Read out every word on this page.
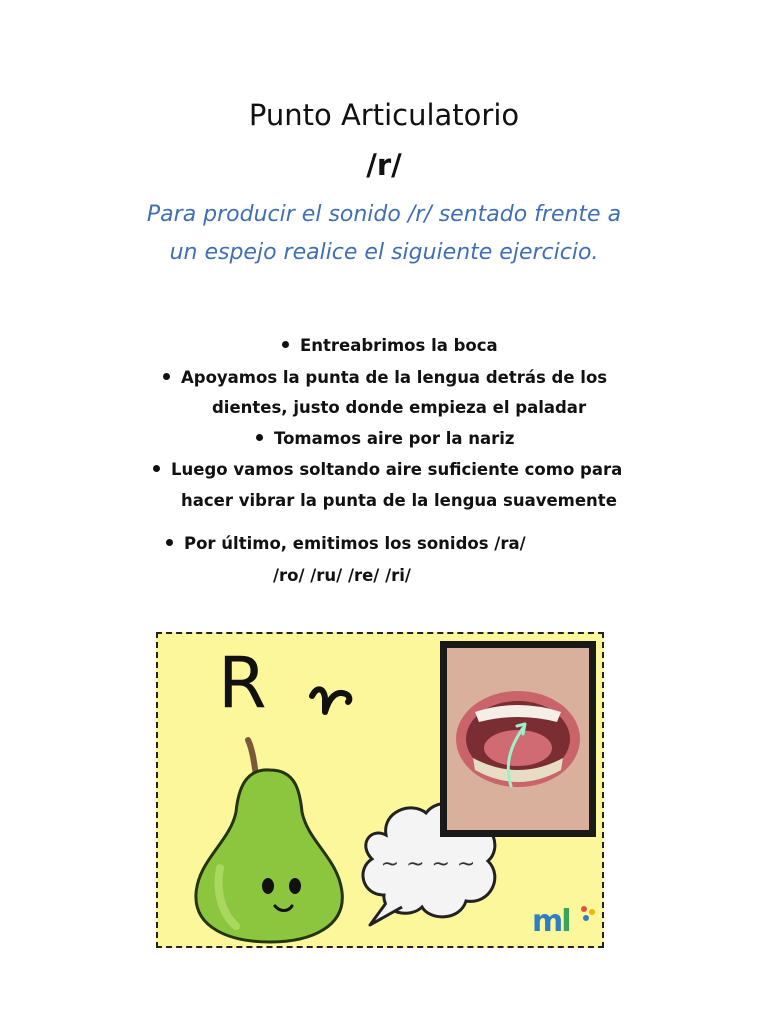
Punto Articulatorio
/r/
Para producir el sonido /r/ sentado frente a
un espejo realice el siguiente ejercicio.
Entreabrimos la boca
Apoyamos la punta de la lengua detrás de los
dientes, justo donde empieza el paladar
Tomamos aire por la nariz
Luego vamos soltando aire suficiente como para
hacer vibrar la punta de la lengua suavemente
Por último, emitimos los sonidos /ra/
/ro/ /ru/ /re/ /ri/
R
~ ~ ~ ~
ml
